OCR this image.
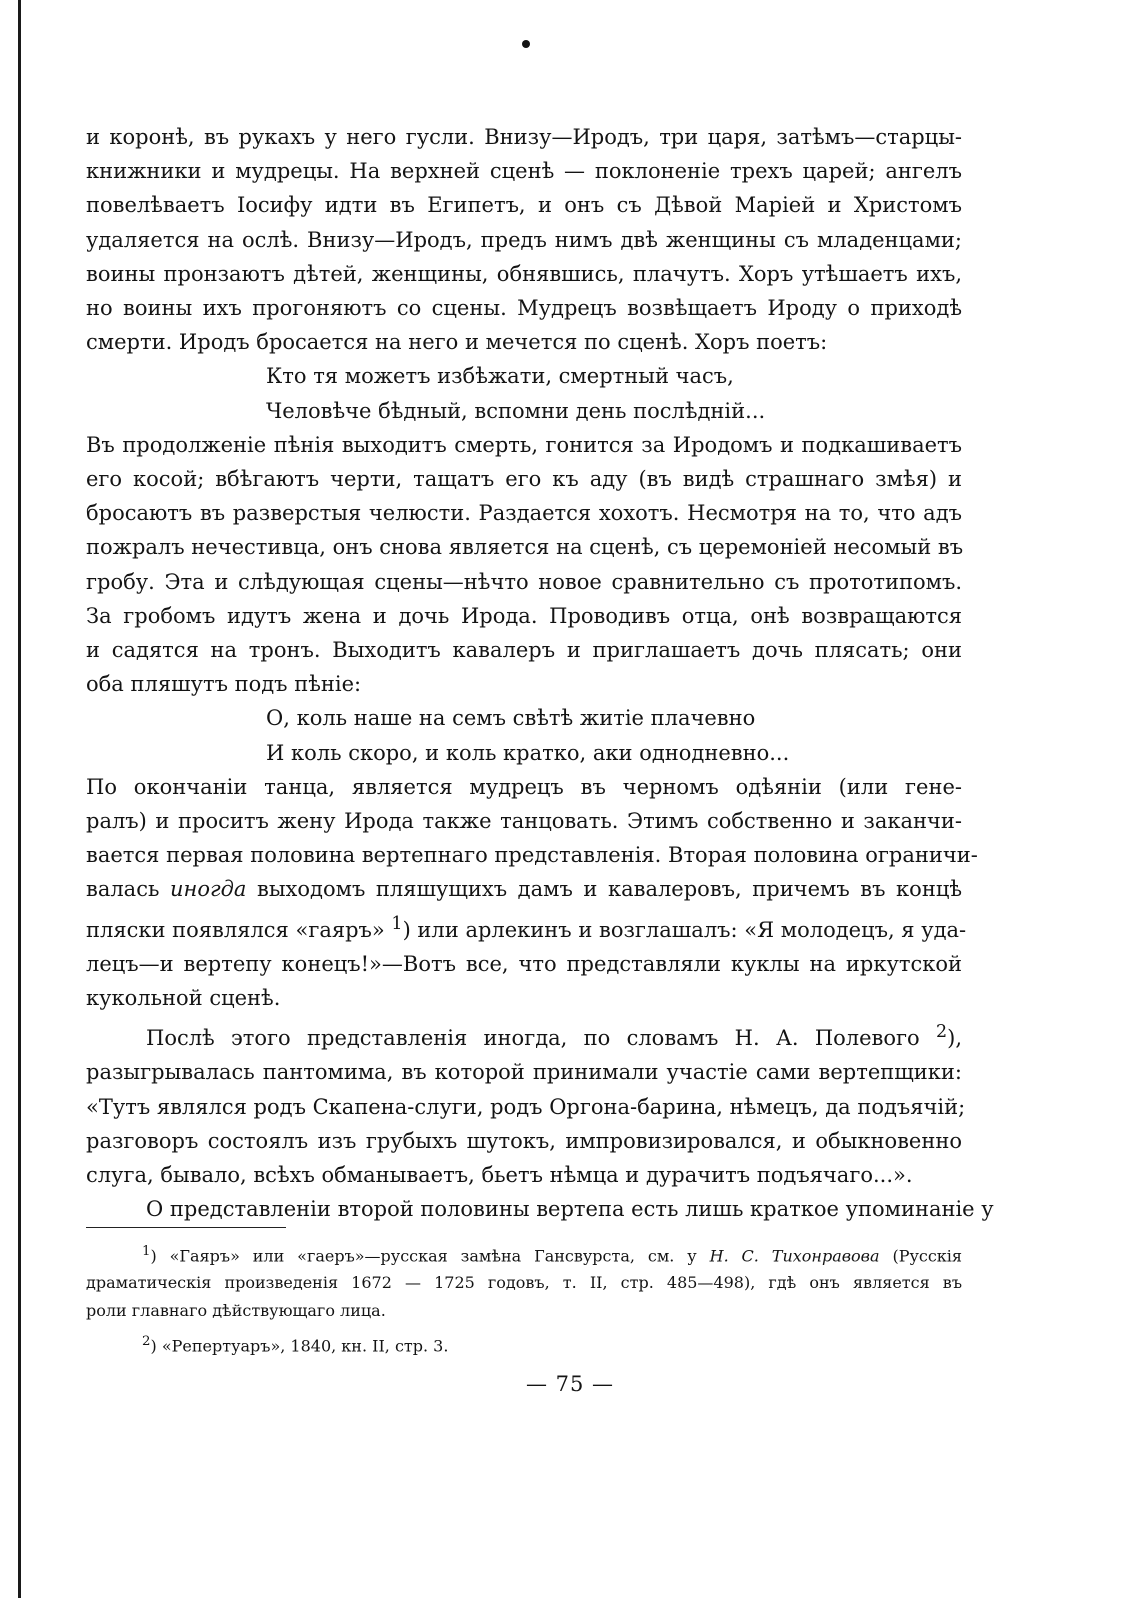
и коронѣ, въ рукахъ у него гусли. Внизу—Иродъ, три царя, затѣмъ—старцы-
книжники и мудрецы. На верхней сценѣ — поклоненіе трехъ царей; ангелъ
повелѣваетъ Іосифу идти въ Египетъ, и онъ съ Дѣвой Маріей и Христомъ
удаляется на ослѣ. Внизу—Иродъ, предъ нимъ двѣ женщины съ младенцами;
воины пронзаютъ дѣтей, женщины, обнявшись, плачутъ. Хоръ утѣшаетъ ихъ,
но воины ихъ прогоняютъ со сцены. Мудрецъ возвѣщаетъ Ироду о приходѣ
смерти. Иродъ бросается на него и мечется по сценѣ. Хоръ поетъ:

Кто тя можетъ избѣжати, смертный часъ,
Человѣче бѣдный, вспомни день послѣдній...

Въ продолженіе пѣнія выходитъ смерть, гонится за Иродомъ и подкашиваетъ
его косой; вбѣгаютъ черти, тащатъ его къ аду (въ видѣ страшнаго змѣя) и
бросаютъ въ разверстыя челюсти. Раздается хохотъ. Несмотря на то, что адъ
пожралъ нечестивца, онъ снова является на сценѣ, съ церемоніей несомый въ
гробу. Эта и слѣдующая сцены—нѣчто новое сравнительно съ прототипомъ.
За гробомъ идутъ жена и дочь Ирода. Проводивъ отца, онѣ возвращаются
и садятся на тронъ. Выходитъ кавалеръ и приглашаетъ дочь плясать; они
оба пляшутъ подъ пѣніе:

О, коль наше на семъ свѣтѣ житіе плачевно
И коль скоро, и коль кратко, аки однодневно...

По окончаніи танца, является мудрецъ въ черномъ одѣяніи (или гене-
ралъ) и проситъ жену Ирода также танцовать. Этимъ собственно и заканчи-
вается первая половина вертепнаго представленія. Вторая половина ограничи-
валась иногда выходомъ пляшущихъ дамъ и кавалеровъ, причемъ въ концѣ
пляски появлялся «гаяръ» $^1$) или арлекинъ и возглашалъ: «Я молодецъ, я уда-
лецъ—и вертепу конецъ!»—Вотъ все, что представляли куклы на иркутской
кукольной сценѣ.

Послѣ этого представленія иногда, по словамъ Н. А. Полевого $^2$),
разыгрывалась пантомима, въ которой принимали участіе сами вертепщики:
«Тутъ являлся родъ Скапена-слуги, родъ Оргона-барина, нѣмецъ, да подъячій;
разговоръ состоялъ изъ грубыхъ шутокъ, импровизировался, и обыкновенно
слуга, бывало, всѣхъ обманываетъ, бьетъ нѣмца и дурачитъ подъячаго...».

О представленіи второй половины вертепа есть лишь краткое упоминаніе у

$^1$) «Гаяръ» или «гаеръ»—русская замѣна Гансвурста, см. у Н. С. Тихонравова (Русскія
драматическія произведенія 1672 — 1725 годовъ, т. II, стр. 485—498), гдѣ онъ является въ
роли главнаго дѣйствующаго лица.

$^2$) «Репертуаръ», 1840, кн. II, стр. 3.

— 75 —
